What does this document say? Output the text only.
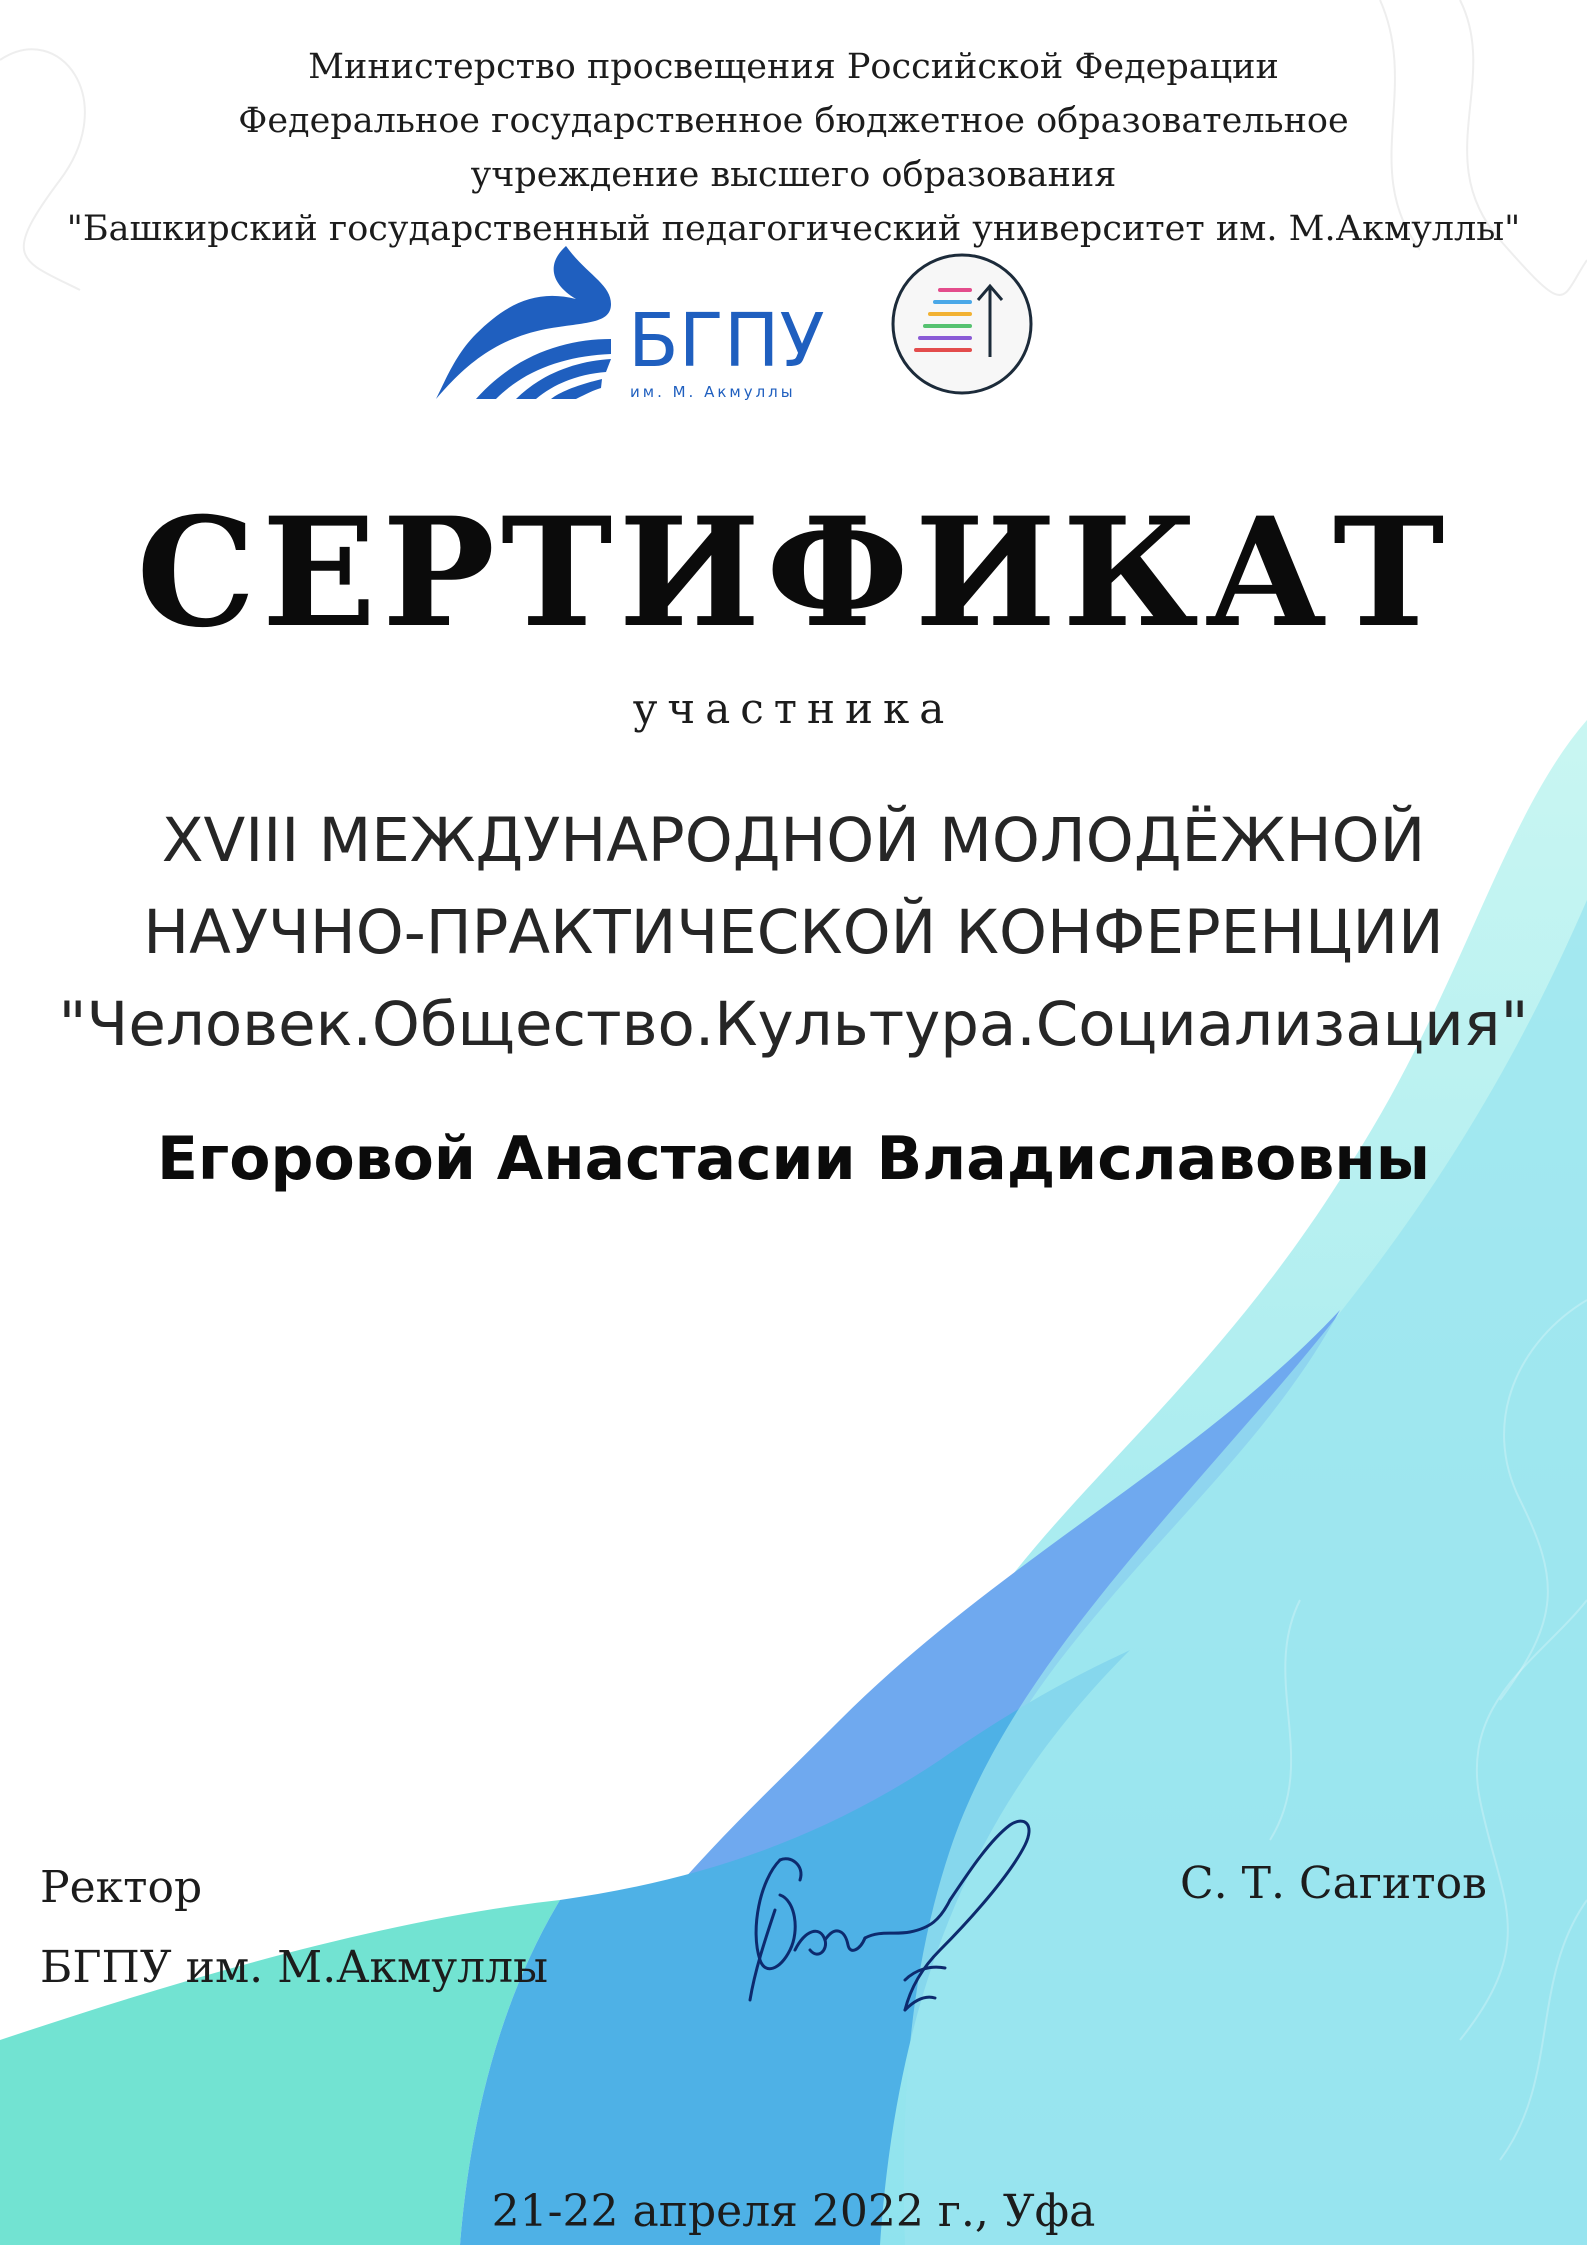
Министерство просвещения Российской Федерации
Федеральное государственное бюджетное образовательное
учреждение высшего образования
"Башкирский государственный педагогический университет им. М.Акмуллы"
БГПУ
им. М. Акмуллы
СЕРТИФИКАТ
участника
XVIII МЕЖДУНАРОДНОЙ МОЛОДЁЖНОЙ
НАУЧНО-ПРАКТИЧЕСКОЙ КОНФЕРЕНЦИИ
"Человек.Общество.Культура.Социализация"
Егоровой Анастасии Владиславовны
Ректор
БГПУ им. М.Акмуллы
С. Т. Сагитов
21-22 апреля 2022 г., Уфа
